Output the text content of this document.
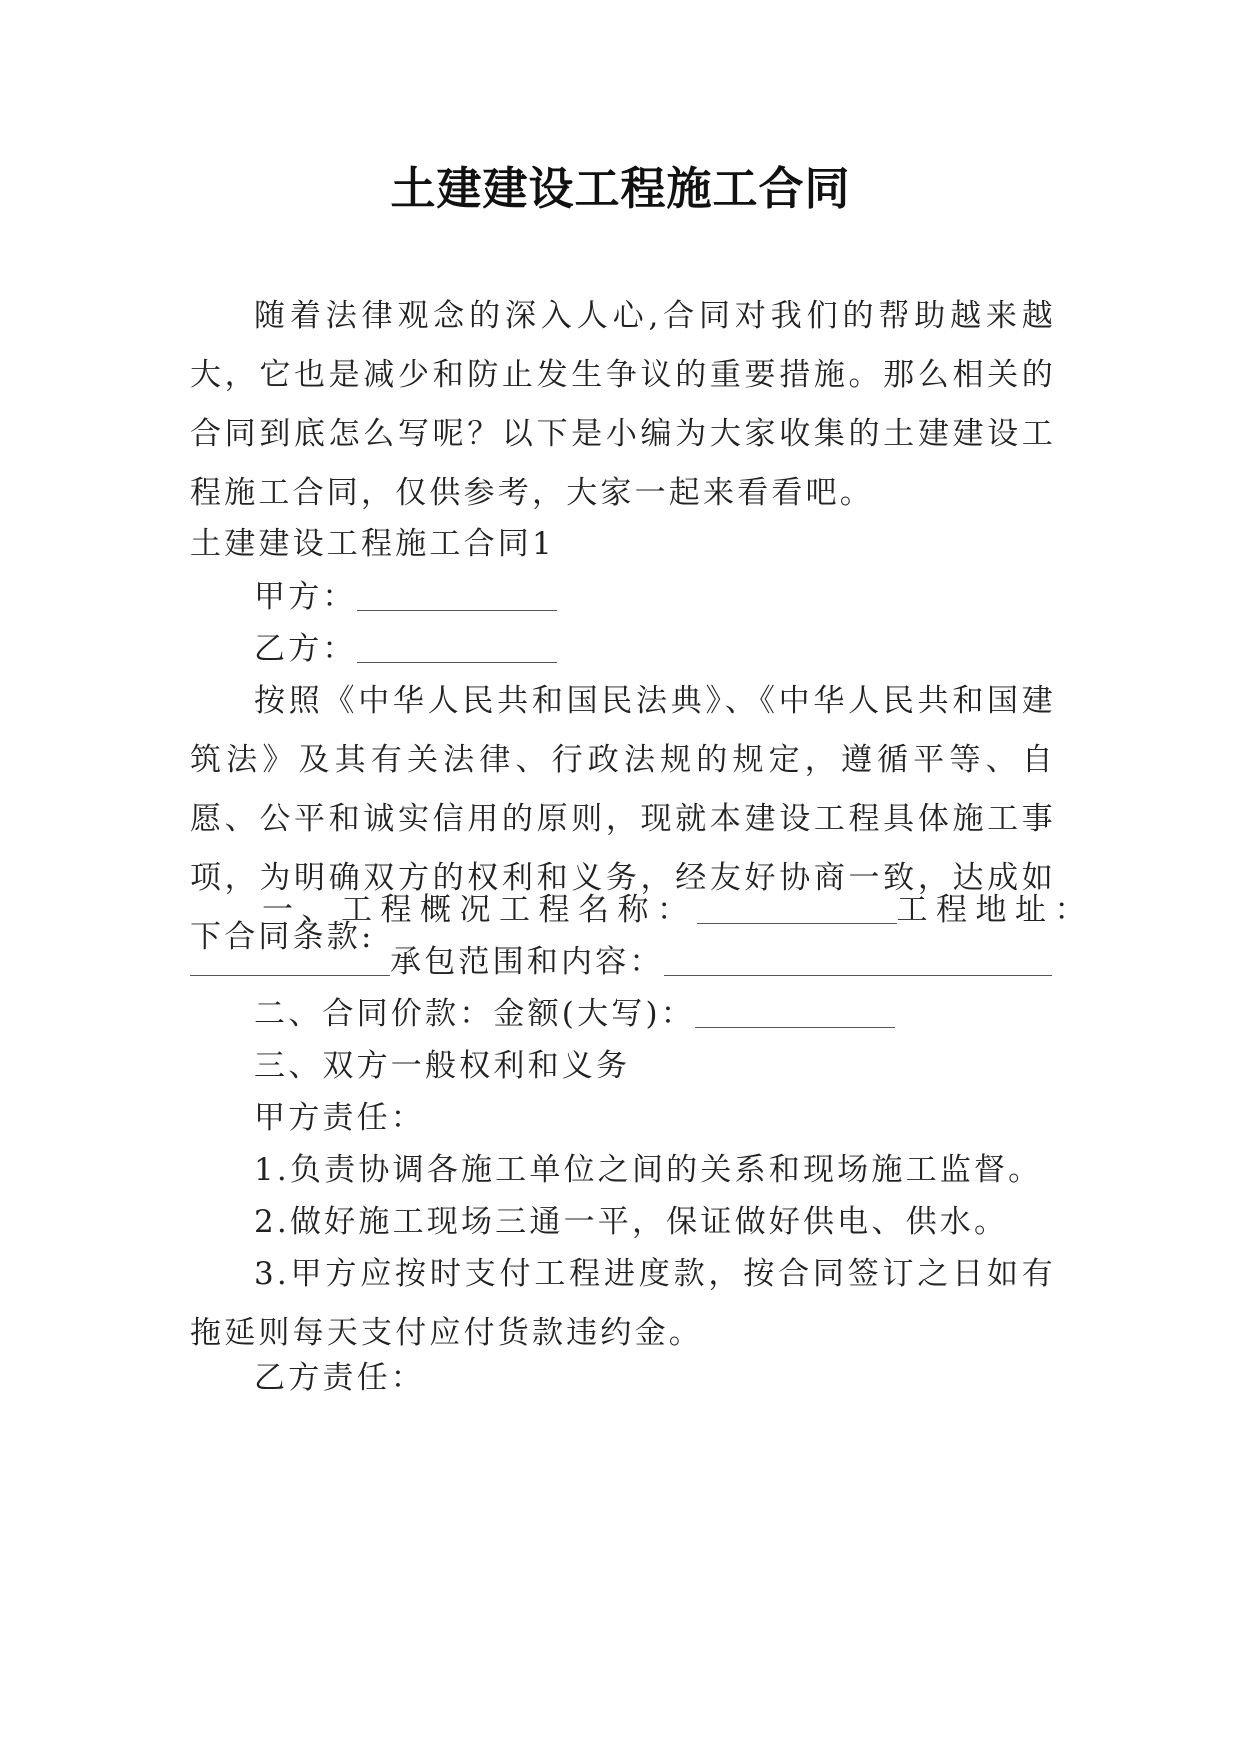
土建建设工程施工合同
随着法律观念的深入人心,合同对我们的帮助越来越大，它也是减少和防止发生争议的重要措施。那么相关的合同到底怎么写呢？以下是小编为大家收集的土建建设工程施工合同，仅供参考，大家一起来看看吧。
土建建设工程施工合同1
甲方：
乙方：
按照《中华人民共和国民法典》、《中华人民共和国建筑法》及其有关法律、行政法规的规定，遵循平等、自愿、公平和诚实信用的原则，现就本建设工程具体施工事项，为明确双方的权利和义务，经友好协商一致，达成如下合同条款:
一、工程概况工程名称：	工程地址：
承包范围和内容：
二、合同价款：金额(大写)：
三、双方一般权利和义务
甲方责任：
1.负责协调各施工单位之间的关系和现场施工监督。
2.做好施工现场三通一平，保证做好供电、供水。
3.甲方应按时支付工程进度款，按合同签订之日如有拖延则每天支付应付货款违约金。
乙方责任：
